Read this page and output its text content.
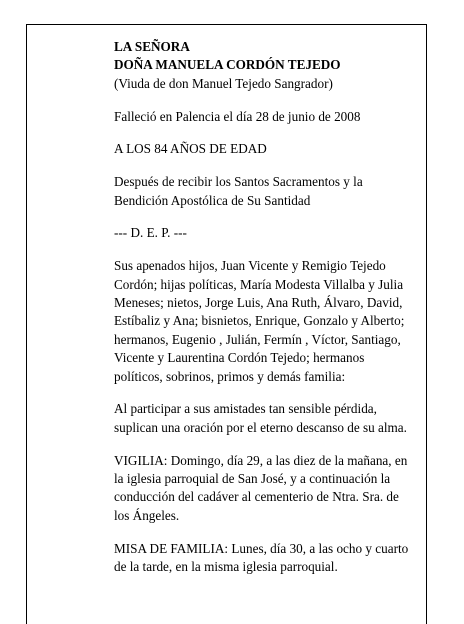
LA SEÑORA
DOÑA MANUELA CORDÓN TEJEDO
(Viuda de don Manuel Tejedo Sangrador)
Falleció en Palencia el día 28 de junio de 2008
A LOS 84 AÑOS DE EDAD
Después de recibir los Santos Sacramentos y la
Bendición Apostólica de Su Santidad
--- D. E. P. ---
Sus apenados hijos, Juan Vicente y Remigio Tejedo
Cordón; hijas políticas, María Modesta Villalba y Julia
Meneses; nietos, Jorge Luis, Ana Ruth, Álvaro, David,
Estíbaliz y Ana; bisnietos, Enrique, Gonzalo y Alberto;
hermanos, Eugenio , Julián, Fermín , Víctor, Santiago,
Vicente y Laurentina Cordón Tejedo; hermanos
políticos, sobrinos, primos y demás familia:
Al participar a sus amistades tan sensible pérdida,
suplican una oración por el eterno descanso de su alma.
VIGILIA: Domingo, día 29, a las diez de la mañana, en
la iglesia parroquial de San José, y a continuación la
conducción del cadáver al cementerio de Ntra. Sra. de
los Ángeles.
MISA DE FAMILIA: Lunes, día 30, a las ocho y cuarto
de la tarde, en la misma iglesia parroquial.
